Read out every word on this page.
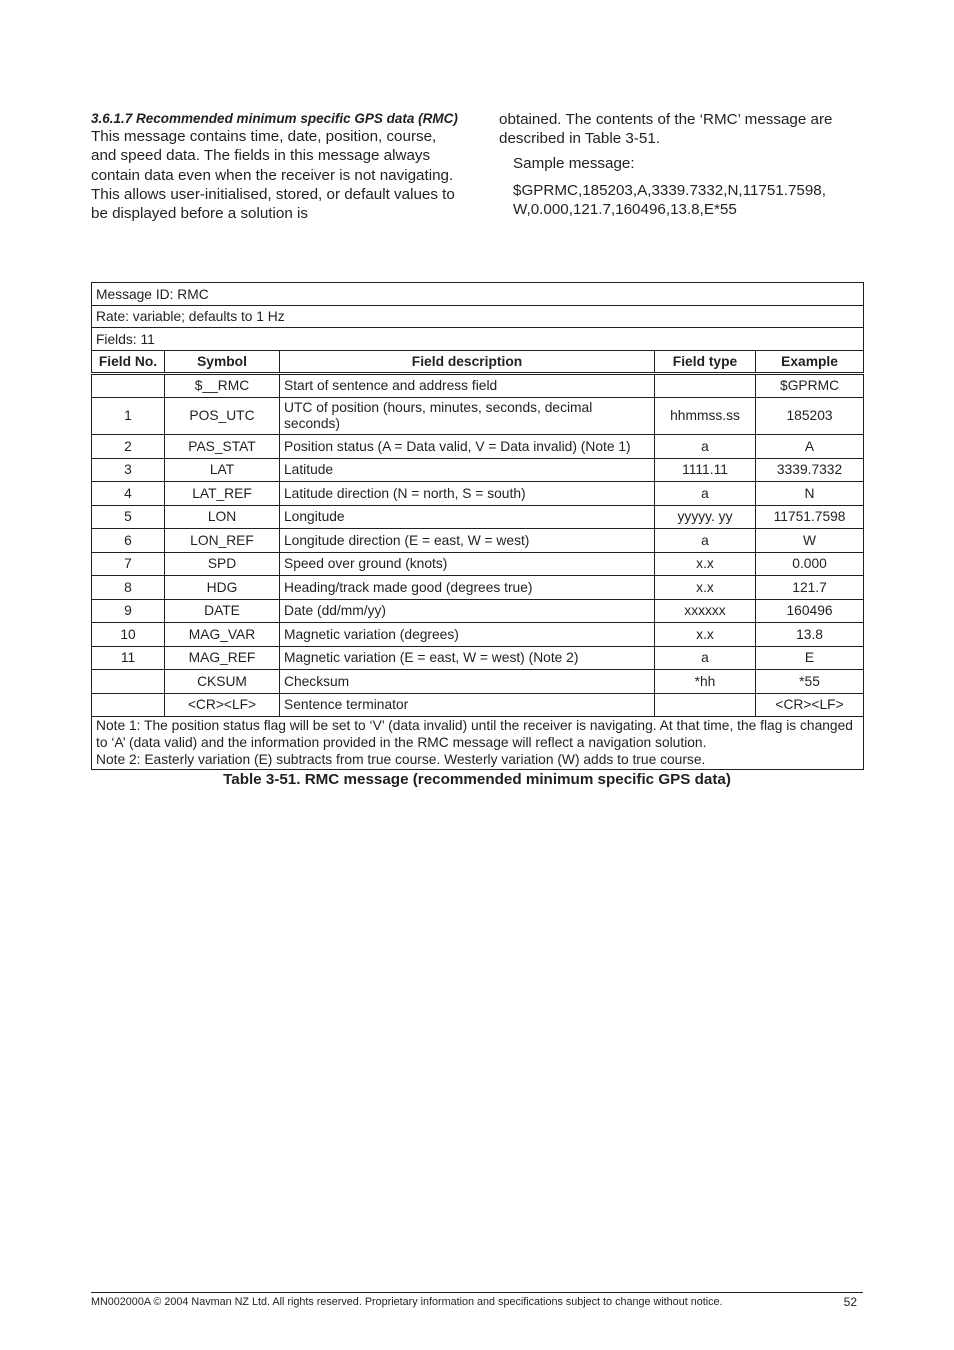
3.6.1.7 Recommended minimum specific GPS data (RMC)

This message contains time, date, position, course, and speed data. The fields in this message always contain data even when the receiver is not navigating. This allows user-initialised, stored, or default values to be displayed before a solution is

obtained. The contents of the ‘RMC’ message are described in Table 3-51.

Sample message:

$GPRMC,185203,A,3339.7332,N,11751.7598, W,0.000,121.7,160496,13.8,E*55

Message ID: RMC				
Rate: variable; defaults to 1 Hz				
Fields: 11				
Field No.	Symbol	Field description	Field type	Example
	$__RMC	Start of sentence and address field		$GPRMC
1	POS_UTC	UTC of position (hours, minutes, seconds, decimal seconds)	hhmmss.ss	185203
2	PAS_STAT	Position status (A = Data valid, V = Data invalid) (Note 1)	a	A
3	LAT	Latitude	1111.11	3339.7332
4	LAT_REF	Latitude direction (N = north, S = south)	a	N
5	LON	Longitude	yyyyy. yy	11751.7598
6	LON_REF	Longitude direction (E = east, W = west)	a	W
7	SPD	Speed over ground (knots)	x.x	0.000
8	HDG	Heading/track made good (degrees true)	x.x	121.7
9	DATE	Date (dd/mm/yy)	xxxxxx	160496
10	MAG_VAR	Magnetic variation (degrees)	x.x	13.8
11	MAG_REF	Magnetic variation (E = east, W = west) (Note 2)	a	E
	CKSUM	Checksum	*hh	*55
	<CR><LF>	Sentence terminator		<CR><LF>

Note 1: The position status flag will be set to ‘V’ (data invalid) until the receiver is navigating. At that time, the flag is changed to ‘A’ (data valid) and the information provided in the RMC message will reflect a navigation solution.
Note 2: Easterly variation (E) subtracts from true course. Westerly variation (W) adds to true course.				
Table 3-51. RMC message (recommended minimum specific GPS data)
MN002000A © 2004 Navman NZ Ltd. All rights reserved. Proprietary information and specifications subject to change without notice.	52
